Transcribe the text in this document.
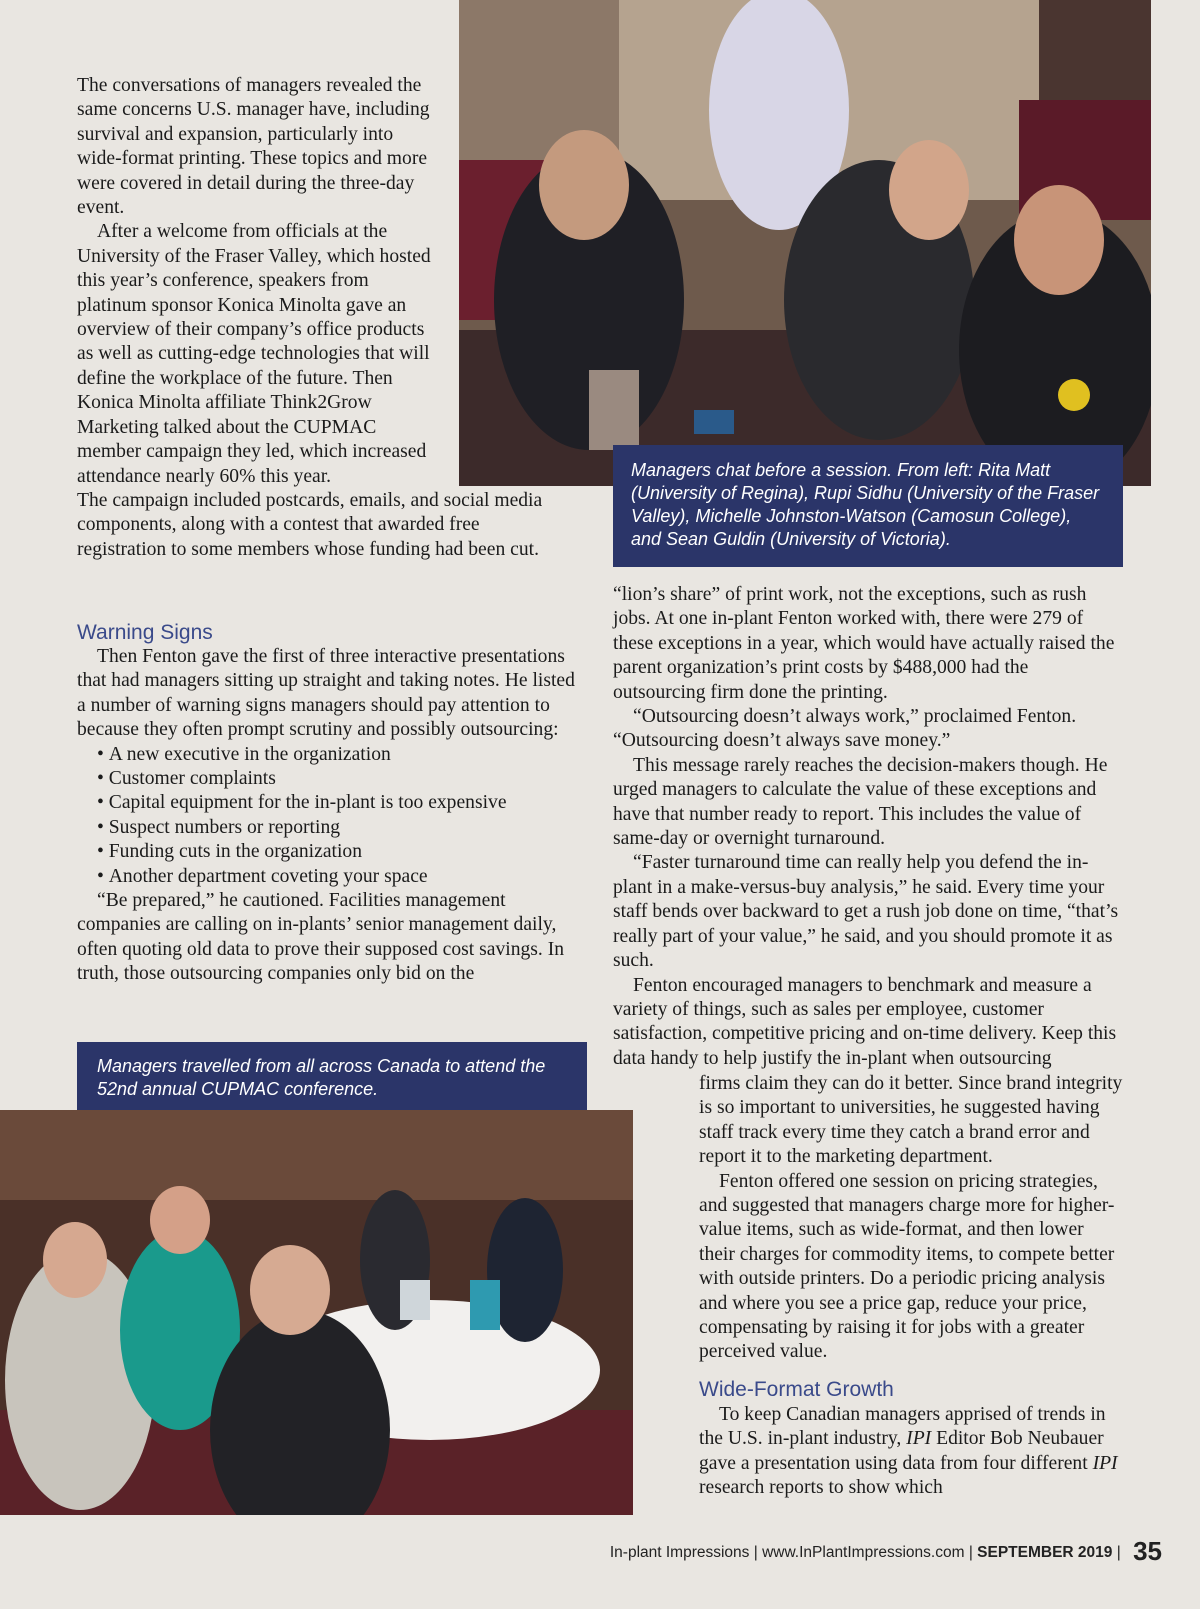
Managers chat before a session. From left: Rita Matt (University of Regina), Rupi Sidhu (University of the Fraser Valley), Michelle Johnston-Watson (Camosun College), and Sean Guldin (University of Victoria).

The conversations of managers revealed the same concerns U.S. manager have, including survival and expansion, particularly into wide-format printing. These topics and more were covered in detail during the three-day event.

After a welcome from officials at the University of the Fraser Valley, which hosted this year’s conference, speakers from platinum sponsor Konica Minolta gave an overview of their company’s office products as well as cutting-edge technologies that will define the workplace of the future. Then Konica Minolta affiliate Think2Grow Marketing talked about the CUPMAC member campaign they led, which increased attendance nearly 60% this year.

The campaign included postcards, emails, and social media components, along with a contest that awarded free registration to some members whose funding had been cut.

Warning Signs

Then Fenton gave the first of three interactive presentations that had managers sitting up straight and taking notes. He listed a number of warning signs managers should pay attention to because they often prompt scrutiny and possibly outsourcing:

• A new executive in the organization
• Customer complaints
• Capital equipment for the in-plant is too expensive
• Suspect numbers or reporting
• Funding cuts in the organization
• Another department coveting your space

“Be prepared,” he cautioned. Facilities management companies are calling on in-plants’ senior management daily, often quoting old data to prove their supposed cost savings. In truth, those outsourcing companies only bid on the

Managers travelled from all across Canada to attend the 52nd annual CUPMAC conference.

“lion’s share” of print work, not the exceptions, such as rush jobs. At one in-plant Fenton worked with, there were 279 of these exceptions in a year, which would have actually raised the parent organization’s print costs by $488,000 had the outsourcing firm done the printing.

“Outsourcing doesn’t always work,” proclaimed Fenton. “Outsourcing doesn’t always save money.”

This message rarely reaches the decision-makers though. He urged managers to calculate the value of these exceptions and have that number ready to report. This includes the value of same-day or overnight turnaround.

“Faster turnaround time can really help you defend the in-plant in a make-versus-buy analysis,” he said. Every time your staff bends over backward to get a rush job done on time, “that’s really part of your value,” he said, and you should promote it as such.

Fenton encouraged managers to benchmark and measure a variety of things, such as sales per employee, customer satisfaction, competitive pricing and on-time delivery. Keep this data handy to help justify the in-plant when outsourcing

firms claim they can do it better. Since brand integrity is so important to universities, he suggested having staff track every time they catch a brand error and report it to the marketing department.

Fenton offered one session on pricing strategies, and suggested that managers charge more for higher-value items, such as wide-format, and then lower their charges for commodity items, to compete better with outside printers. Do a periodic pricing analysis and where you see a price gap, reduce your price, compensating by raising it for jobs with a greater perceived value.

Wide-Format Growth

To keep Canadian managers apprised of trends in the U.S. in-plant industry, IPI Editor Bob Neubauer gave a presentation using data from four different IPI research reports to show which

In-plant Impressions | www.InPlantImpressions.com | SEPTEMBER 2019 | 35
